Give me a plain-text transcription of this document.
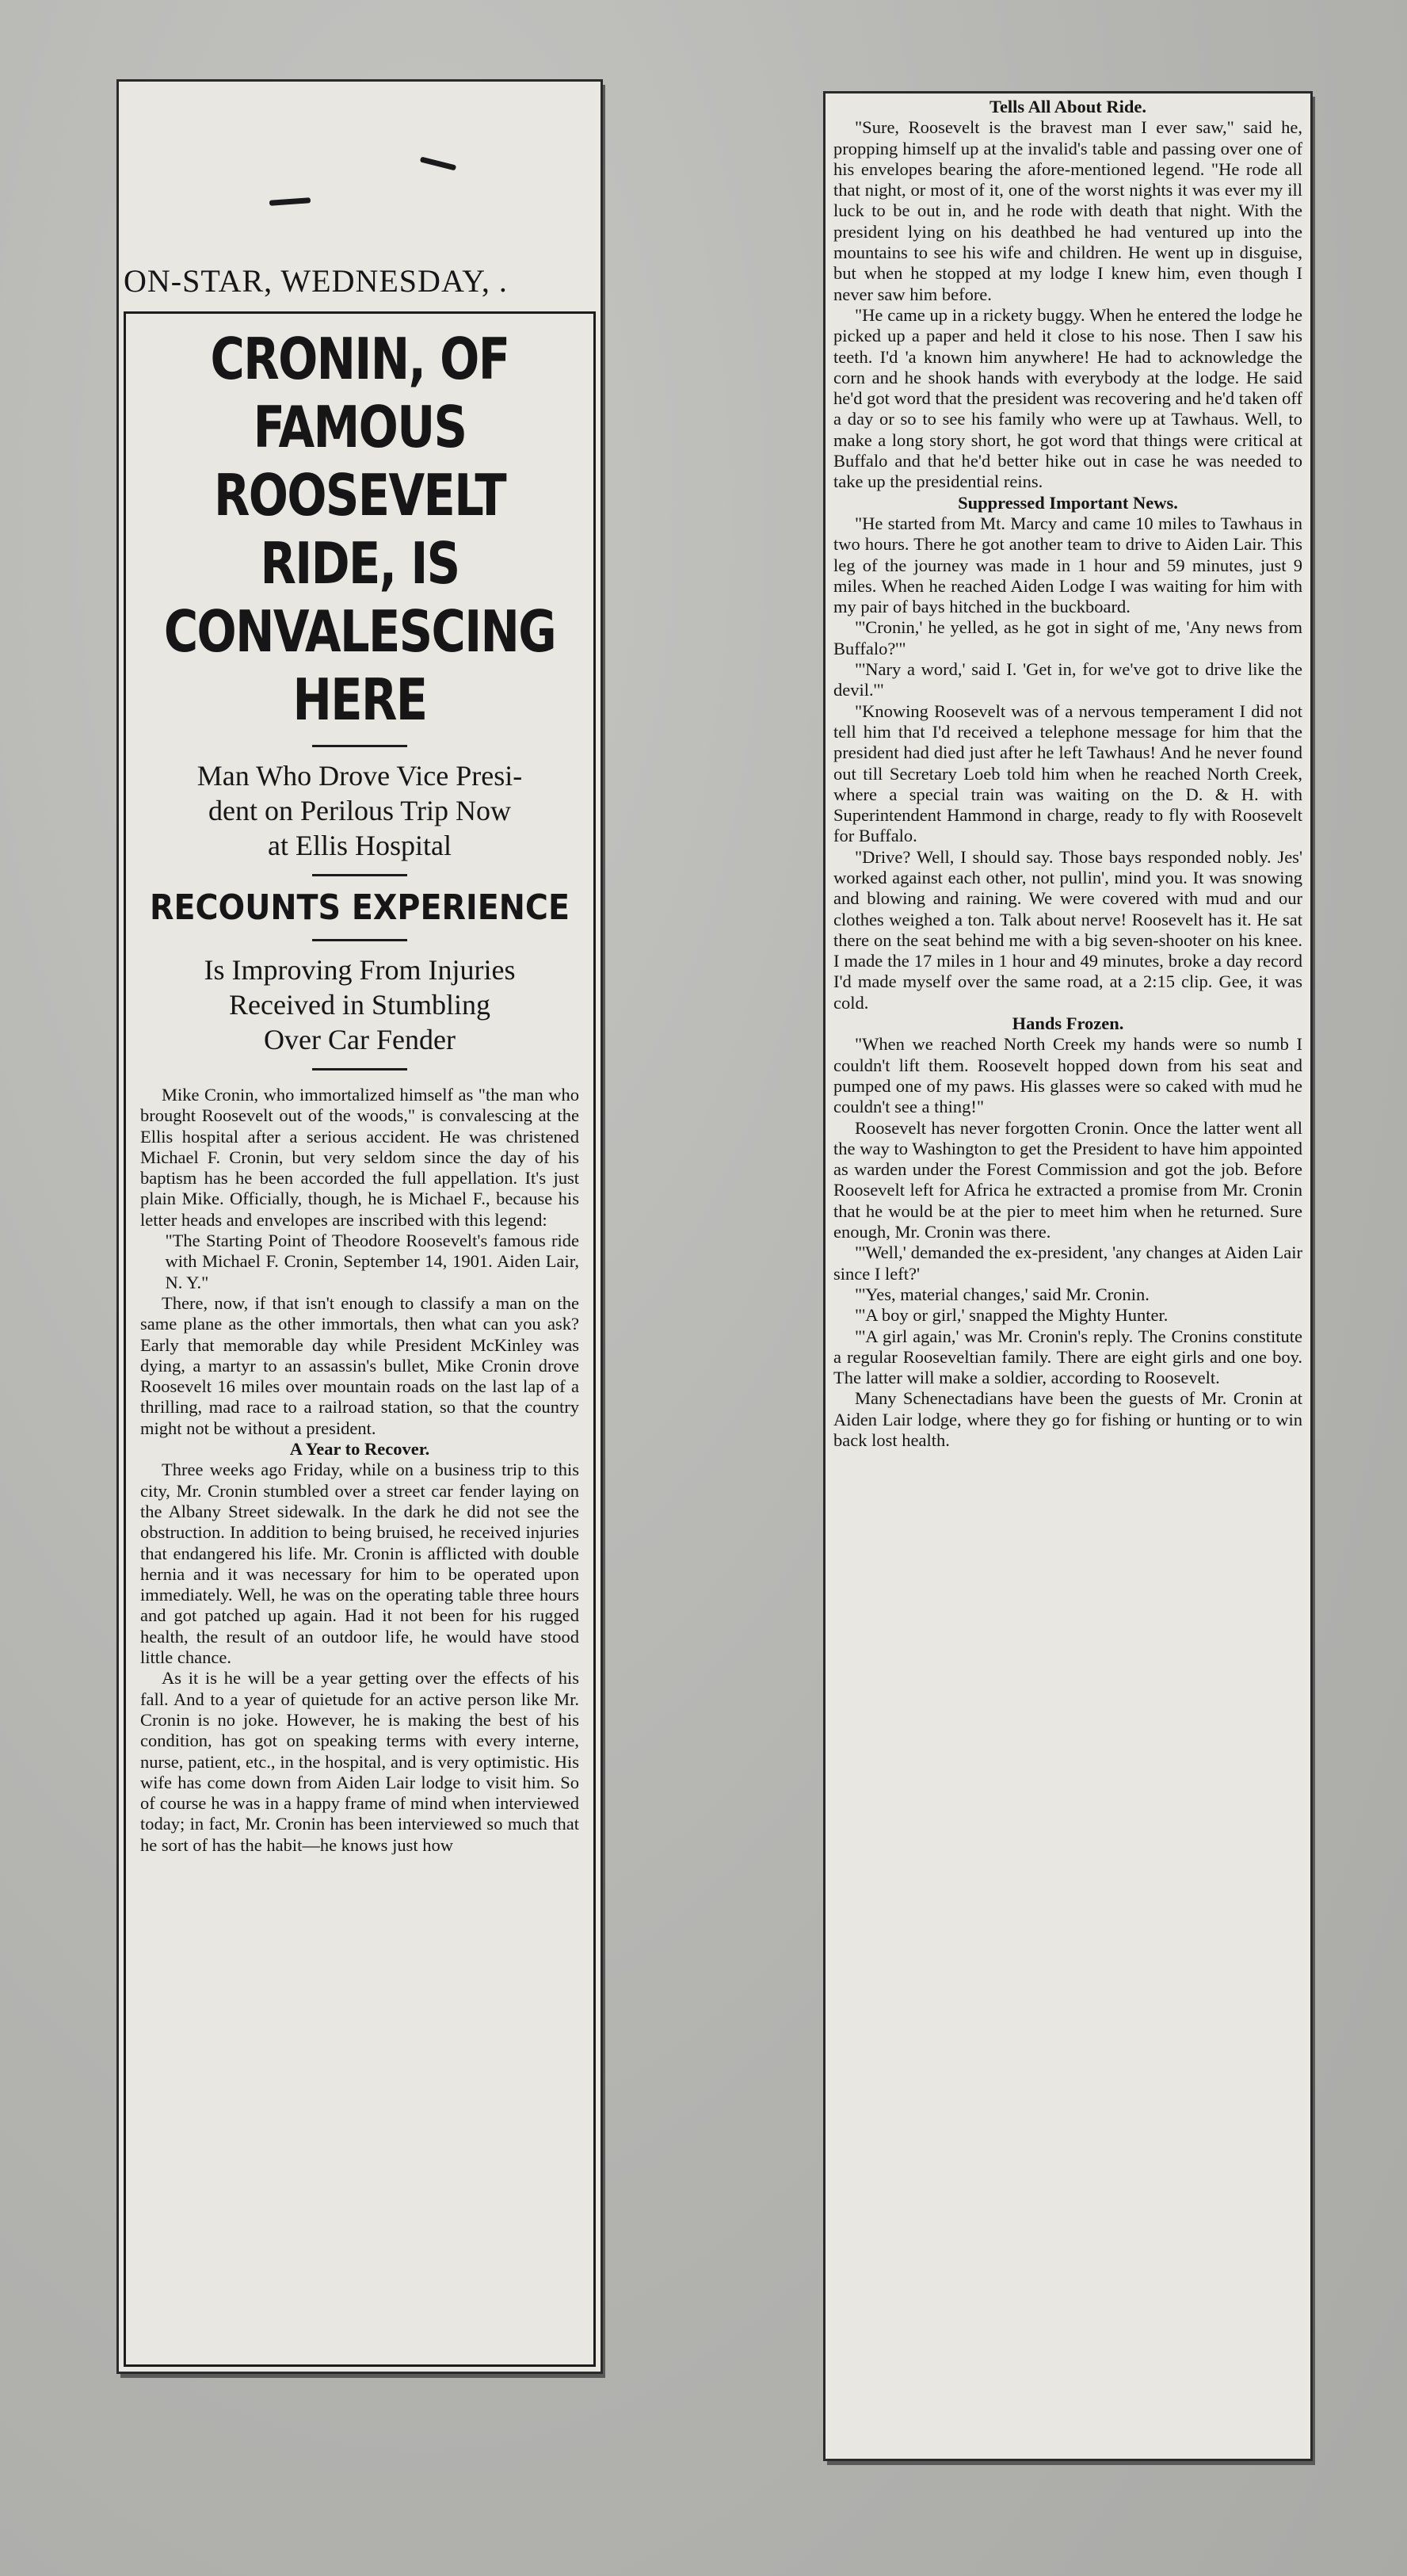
ON-STAR, WEDNESDAY, .
CRONIN, OF FAMOUS
ROOSEVELT RIDE, IS
CONVALESCING HERE
Man Who Drove Vice Presi-
dent on Perilous Trip Now
at Ellis Hospital
RECOUNTS EXPERIENCE
Is Improving From Injuries
Received in Stumbling
Over Car Fender

Mike Cronin, who immortalized himself as "the man who brought Roosevelt out of the woods," is convalescing at the Ellis hospital after a serious accident. He was christened Michael F. Cronin, but very seldom since the day of his baptism has he been accorded the full appellation. It's just plain Mike. Officially, though, he is Michael F., because his letter heads and envelopes are inscribed with this legend:

"The Starting Point of Theodore Roosevelt's famous ride with Michael F. Cronin, September 14, 1901. Aiden Lair, N. Y."

There, now, if that isn't enough to classify a man on the same plane as the other immortals, then what can you ask? Early that memorable day while President McKinley was dying, a martyr to an assassin's bullet, Mike Cronin drove Roosevelt 16 miles over mountain roads on the last lap of a thrilling, mad race to a railroad station, so that the country might not be without a president.

A Year to Recover.

Three weeks ago Friday, while on a business trip to this city, Mr. Cronin stumbled over a street car fender laying on the Albany Street sidewalk. In the dark he did not see the obstruction. In addition to being bruised, he received injuries that endangered his life. Mr. Cronin is afflicted with double hernia and it was necessary for him to be operated upon immediately. Well, he was on the operating table three hours and got patched up again. Had it not been for his rugged health, the result of an outdoor life, he would have stood little chance.

As it is he will be a year getting over the effects of his fall. And to a year of quietude for an active person like Mr. Cronin is no joke. However, he is making the best of his condition, has got on speaking terms with every interne, nurse, patient, etc., in the hospital, and is very optimistic. His wife has come down from Aiden Lair lodge to visit him. So of course he was in a happy frame of mind when interviewed today; in fact, Mr. Cronin has been interviewed so much that he sort of has the habit—he knows just how

Tells All About Ride.

"Sure, Roosevelt is the bravest man I ever saw," said he, propping himself up at the invalid's table and passing over one of his envelopes bearing the afore-mentioned legend. "He rode all that night, or most of it, one of the worst nights it was ever my ill luck to be out in, and he rode with death that night. With the president lying on his deathbed he had ventured up into the mountains to see his wife and children. He went up in disguise, but when he stopped at my lodge I knew him, even though I never saw him before.

"He came up in a rickety buggy. When he entered the lodge he picked up a paper and held it close to his nose. Then I saw his teeth. I'd 'a known him anywhere! He had to acknowledge the corn and he shook hands with everybody at the lodge. He said he'd got word that the president was recovering and he'd taken off a day or so to see his family who were up at Tawhaus. Well, to make a long story short, he got word that things were critical at Buffalo and that he'd better hike out in case he was needed to take up the presidential reins.

Suppressed Important News.

"He started from Mt. Marcy and came 10 miles to Tawhaus in two hours. There he got another team to drive to Aiden Lair. This leg of the journey was made in 1 hour and 59 minutes, just 9 miles. When he reached Aiden Lodge I was waiting for him with my pair of bays hitched in the buckboard.

"'Cronin,' he yelled, as he got in sight of me, 'Any news from Buffalo?'"

"'Nary a word,' said I. 'Get in, for we've got to drive like the devil.'"

"Knowing Roosevelt was of a nervous temperament I did not tell him that I'd received a telephone message for him that the president had died just after he left Tawhaus! And he never found out till Secretary Loeb told him when he reached North Creek, where a special train was waiting on the D. & H. with Superintendent Hammond in charge, ready to fly with Roosevelt for Buffalo.

"Drive? Well, I should say. Those bays responded nobly. Jes' worked against each other, not pullin', mind you. It was snowing and blowing and raining. We were covered with mud and our clothes weighed a ton. Talk about nerve! Roosevelt has it. He sat there on the seat behind me with a big seven-shooter on his knee. I made the 17 miles in 1 hour and 49 minutes, broke a day record I'd made myself over the same road, at a 2:15 clip. Gee, it was cold.

Hands Frozen.

"When we reached North Creek my hands were so numb I couldn't lift them. Roosevelt hopped down from his seat and pumped one of my paws. His glasses were so caked with mud he couldn't see a thing!"

Roosevelt has never forgotten Cronin. Once the latter went all the way to Washington to get the President to have him appointed as warden under the Forest Commission and got the job. Before Roosevelt left for Africa he extracted a promise from Mr. Cronin that he would be at the pier to meet him when he returned. Sure enough, Mr. Cronin was there.

"'Well,' demanded the ex-president, 'any changes at Aiden Lair since I left?'

"'Yes, material changes,' said Mr. Cronin.

"'A boy or girl,' snapped the Mighty Hunter.

"'A girl again,' was Mr. Cronin's reply. The Cronins constitute a regular Rooseveltian family. There are eight girls and one boy. The latter will make a soldier, according to Roosevelt.

Many Schenectadians have been the guests of Mr. Cronin at Aiden Lair lodge, where they go for fishing or hunting or to win back lost health.
